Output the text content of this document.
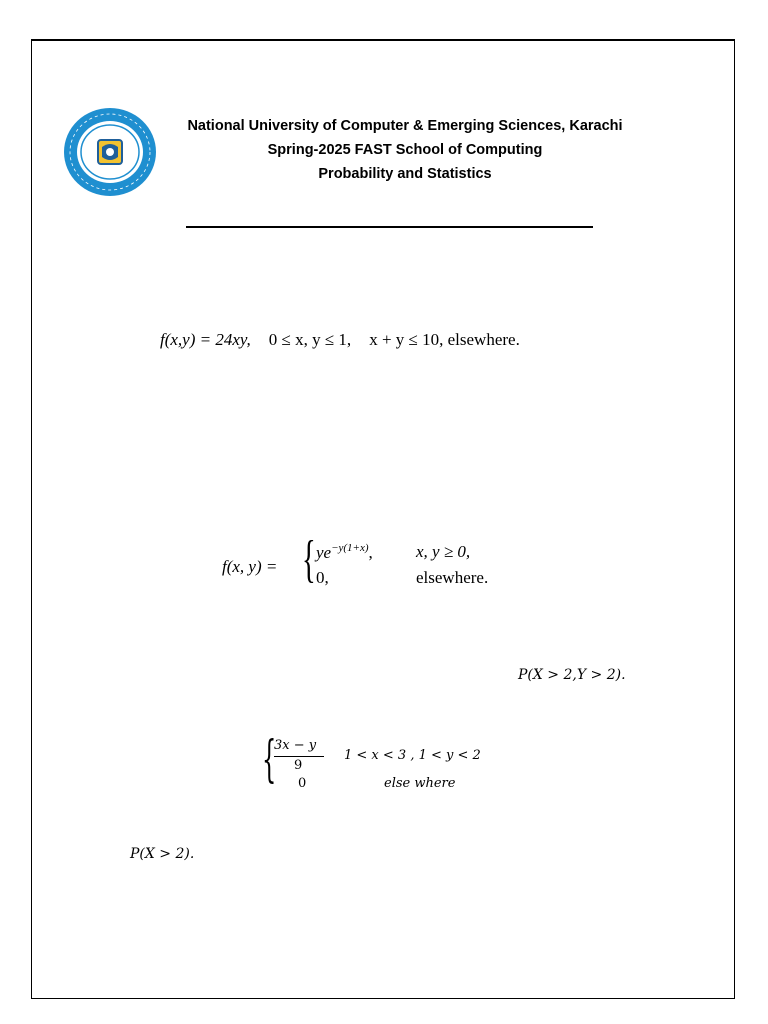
National University of Computer & Emerging Sciences, Karachi
Spring-2025 FAST School of Computing
Probability and Statistics
f(x,y) = 24xy, 0 ≤ x, y ≤ 1, x + y ≤ 10, elsewhere.
f(x, y) = { $ye^{-y(1+x)}$,	x, y ≥ 0,
0,	elsewhere.
P(X > 2,Y > 2).
{
3x − y
9
1 < x < 3 , 1 < y < 2
0	else where
P(X > 2).
